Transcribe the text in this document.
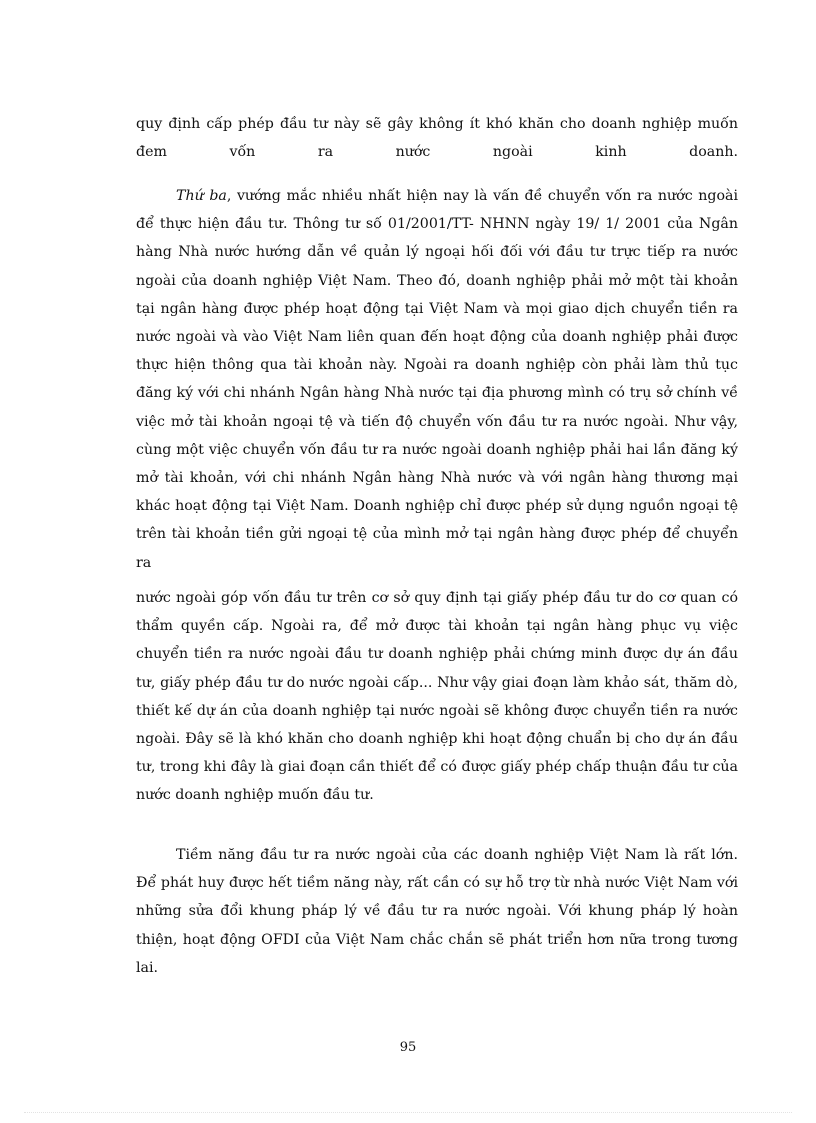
quy định cấp phép đầu tư này sẽ gây không ít khó khăn cho doanh nghiệp muốn đem vốn ra nước ngoài kinh doanh.

Thứ ba, vướng mắc nhiều nhất hiện nay là vấn đề chuyển vốn ra nước ngoài để thực hiện đầu tư. Thông tư số 01/2001/TT- NHNN ngày 19/ 1/ 2001 của Ngân hàng Nhà nước hướng dẫn về quản lý ngoại hối đối với đầu tư trực tiếp ra nước ngoài của doanh nghiệp Việt Nam. Theo đó, doanh nghiệp phải mở một tài khoản tại ngân hàng được phép hoạt động tại Việt Nam và mọi giao dịch chuyển tiền ra nước ngoài và vào Việt Nam liên quan đến hoạt động của doanh nghiệp phải được thực hiện thông qua tài khoản này. Ngoài ra doanh nghiệp còn phải làm thủ tục đăng ký với chi nhánh Ngân hàng Nhà nước tại địa phương mình có trụ sở chính về việc mở tài khoản ngoại tệ và tiến độ chuyển vốn đầu tư ra nước ngoài. Như vậy, cùng một việc chuyển vốn đầu tư ra nước ngoài doanh nghiệp phải hai lần đăng ký mở tài khoản, với chi nhánh Ngân hàng Nhà nước và với ngân hàng thương mại khác hoạt động tại Việt Nam. Doanh nghiệp chỉ được phép sử dụng nguồn ngoại tệ trên tài khoản tiền gửi ngoại tệ của mình mở tại ngân hàng được phép để chuyển ra

nước ngoài góp vốn đầu tư trên cơ sở quy định tại giấy phép đầu tư do cơ quan có thẩm quyền cấp. Ngoài ra, để mở được tài khoản tại ngân hàng phục vụ việc chuyển tiền ra nước ngoài đầu tư doanh nghiệp phải chứng minh được dự án đầu tư, giấy phép đầu tư do nước ngoài cấp... Như vậy giai đoạn làm khảo sát, thăm dò, thiết kế dự án của doanh nghiệp tại nước ngoài sẽ không được chuyển tiền ra nước ngoài. Đây sẽ là khó khăn cho doanh nghiệp khi hoạt động chuẩn bị cho dự án đầu tư, trong khi đây là giai đoạn cần thiết để có được giấy phép chấp thuận đầu tư của nước doanh nghiệp muốn đầu tư.

Tiềm năng đầu tư ra nước ngoài của các doanh nghiệp Việt Nam là rất lớn. Để phát huy được hết tiềm năng này, rất cần có sự hỗ trợ từ nhà nước Việt Nam với những sửa đổi khung pháp lý về đầu tư ra nước ngoài. Với khung pháp lý hoàn thiện, hoạt động OFDI của Việt Nam chắc chắn sẽ phát triển hơn nữa trong tương lai.

95
